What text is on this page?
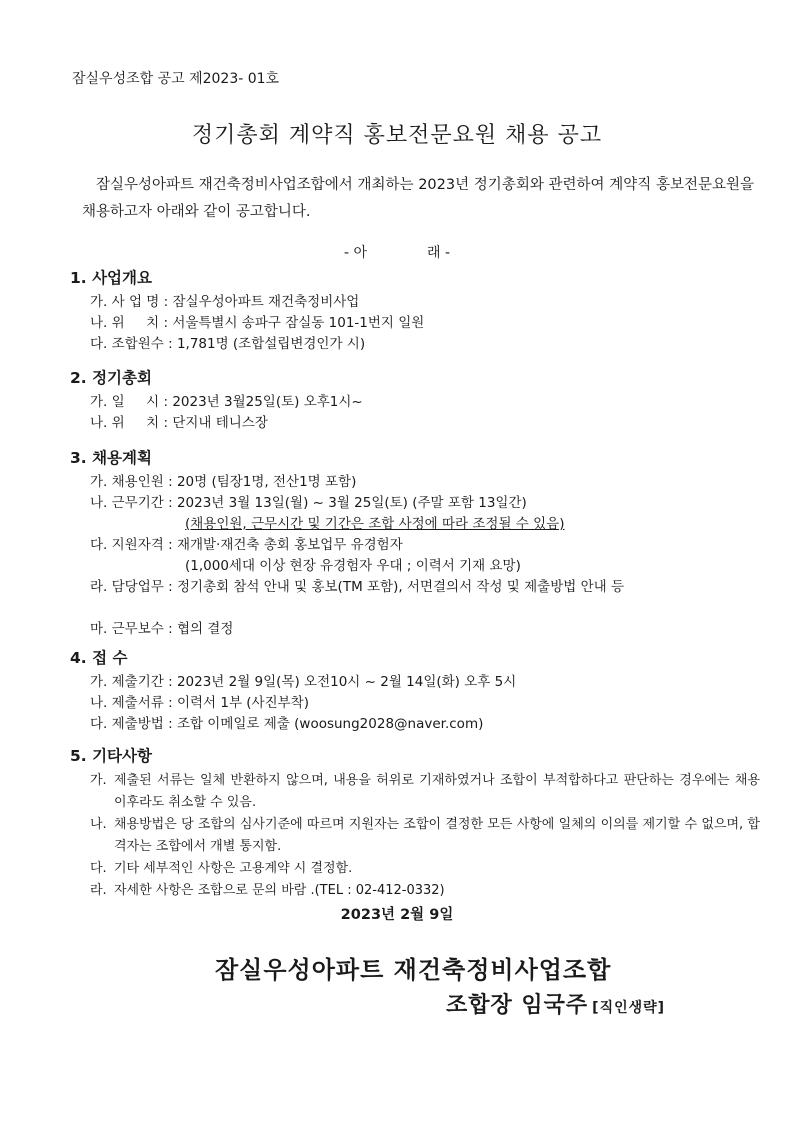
잠실우성조합 공고 제2023- 01호
정기총회 계약직 홍보전문요원 채용 공고
잠실우성아파트 재건축정비사업조합에서 개최하는 2023년 정기총회와 관련하여 계약직 홍보전문요원을 채용하고자 아래와 같이 공고합니다.
- 아	래 -
1. 사업개요
가. 사 업 명 : 잠실우성아파트 재건축정비사업
나. 위     치 : 서울특별시 송파구 잠실동 101-1번지 일원
다. 조합원수 : 1,781명 (조합설립변경인가 시)
2. 정기총회
가. 일     시 : 2023년 3월25일(토) 오후1시~
나. 위     치 : 단지내 테니스장
3. 채용계획
가. 채용인원 : 20명 (팀장1명, 전산1명 포함)
나. 근무기간 : 2023년 3월 13일(월) ~ 3월 25일(토) (주말 포함 13일간)
(채용인원, 근무시간 및 기간은 조합 사정에 따라 조정될 수 있음)
다. 지원자격 : 재개발·재건축 총회 홍보업무 유경험자
(1,000세대 이상 현장 유경험자 우대 ; 이력서 기재 요망)
라. 담당업무 : 정기총회 참석 안내 및 홍보(TM 포함), 서면결의서 작성 및 제출방법 안내 등
마. 근무보수 : 협의 결정
4. 접 수
가. 제출기간 : 2023년 2월 9일(목) 오전10시 ~ 2월 14일(화) 오후 5시
나. 제출서류 : 이력서 1부 (사진부착)
다. 제출방법 : 조합 이메일로 제출 (woosung2028@naver.com)
5. 기타사항
가. 제출된 서류는 일체 반환하지 않으며, 내용을 허위로 기재하였거나 조합이 부적합하다고 판단하는 경우에는 채용 이후라도 취소할 수 있음.
나. 채용방법은 당 조합의 심사기준에 따르며 지원자는 조합이 결정한 모든 사항에 일체의 이의를 제기할 수 없으며, 합격자는 조합에서 개별 통지함.
다. 기타 세부적인 사항은 고용계약 시 결정함.
라. 자세한 사항은 조합으로 문의 바람 .(TEL : 02-412-0332)
2023년 2월 9일
잠실우성아파트 재건축정비사업조합
조합장 임국주 [직인생략]
